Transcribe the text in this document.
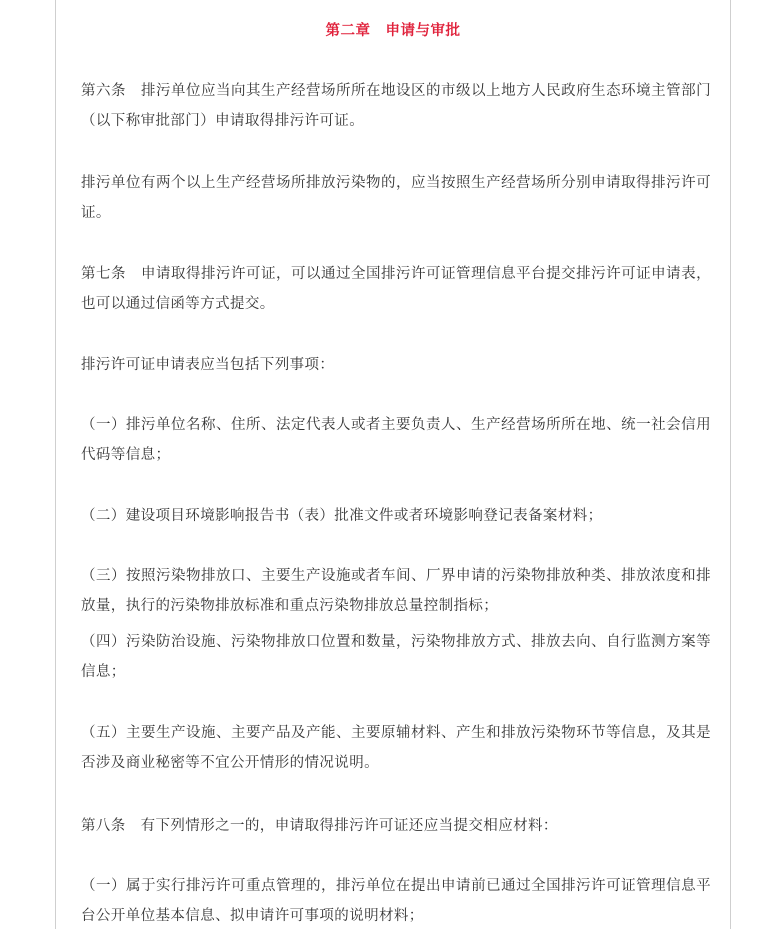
第二章　申请与审批

第六条　排污单位应当向其生产经营场所所在地设区的市级以上地方人民政府生态环境主管部门（以下称审批部门）申请取得排污许可证。

排污单位有两个以上生产经营场所排放污染物的，应当按照生产经营场所分别申请取得排污许可证。

第七条　申请取得排污许可证，可以通过全国排污许可证管理信息平台提交排污许可证申请表，也可以通过信函等方式提交。

排污许可证申请表应当包括下列事项：

（一）排污单位名称、住所、法定代表人或者主要负责人、生产经营场所所在地、统一社会信用代码等信息；

（二）建设项目环境影响报告书（表）批准文件或者环境影响登记表备案材料；

（三）按照污染物排放口、主要生产设施或者车间、厂界申请的污染物排放种类、排放浓度和排放量，执行的污染物排放标准和重点污染物排放总量控制指标；

（四）污染防治设施、污染物排放口位置和数量，污染物排放方式、排放去向、自行监测方案等信息；

（五）主要生产设施、主要产品及产能、主要原辅材料、产生和排放污染物环节等信息，及其是否涉及商业秘密等不宜公开情形的情况说明。

第八条　有下列情形之一的，申请取得排污许可证还应当提交相应材料：

（一）属于实行排污许可重点管理的，排污单位在提出申请前已通过全国排污许可证管理信息平台公开单位基本信息、拟申请许可事项的说明材料；
